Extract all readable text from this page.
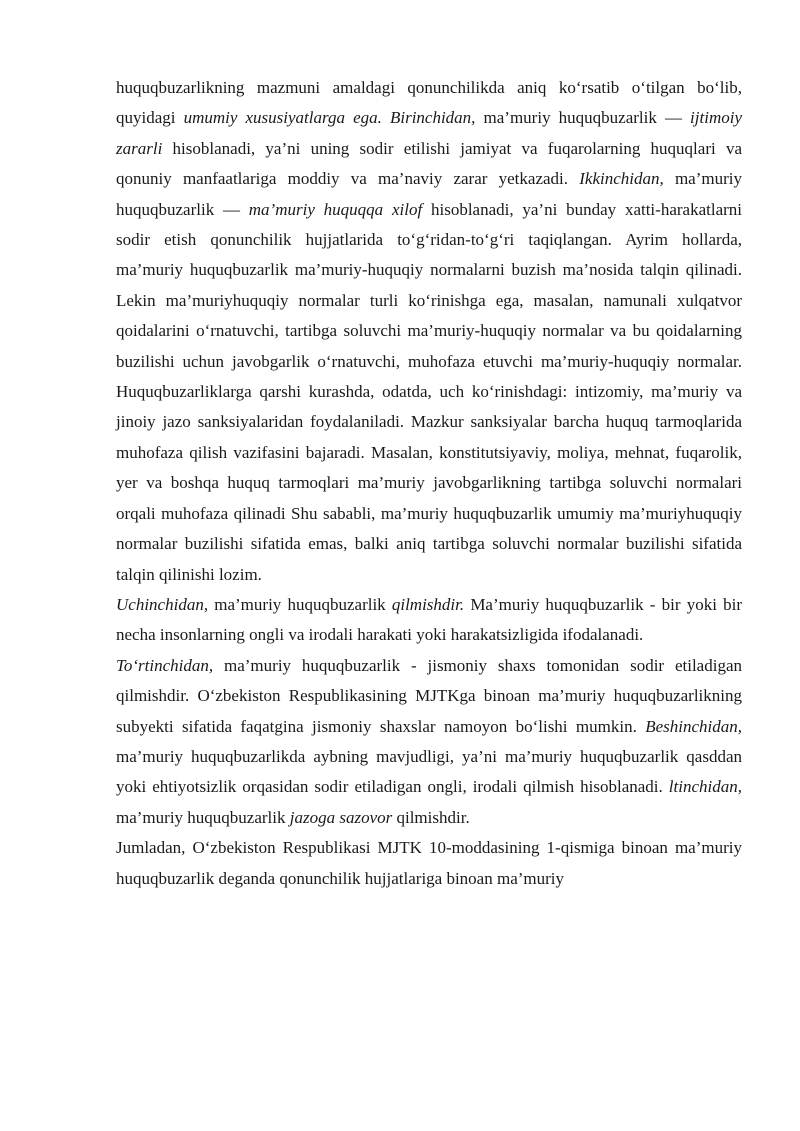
huquqbuzarlikning mazmuni amaldagi qonunchilikda aniq ko‘rsatib o‘tilgan bo‘lib, quyidagi umumiy xususiyatlarga ega. Birinchidan, ma’muriy huquqbuzarlik — ijtimoiy zararli hisoblanadi, ya’ni uning sodir etilishi jamiyat va fuqarolarning huquqlari va qonuniy manfaatlariga moddiy va ma’naviy zarar yetkazadi. Ikkinchidan, ma’muriy huquqbuzarlik — ma’muriy huquqqa xilof hisoblanadi, ya’ni bunday xatti-harakatlarni sodir etish qonunchilik hujjatlarida to‘g‘ridan-to‘g‘ri taqiqlangan. Ayrim hollarda, ma’muriy huquqbuzarlik ma’muriy-huquqiy normalarni buzish ma’nosida talqin qilinadi. Lekin ma’muriyhuquqiy normalar turli ko‘rinishga ega, masalan, namunali xulqatvor qoidalarini o‘rnatuvchi, tartibga soluvchi ma’muriy-huquqiy normalar va bu qoidalarning buzilishi uchun javobgarlik o‘rnatuvchi, muhofaza etuvchi ma’muriy-huquqiy normalar. Huquqbuzarliklarga qarshi kurashda, odatda, uch ko‘rinishdagi: intizomiy, ma’muriy va jinoiy jazo sanksiyalaridan foydalaniladi. Mazkur sanksiyalar barcha huquq tarmoqlarida muhofaza qilish vazifasini bajaradi. Masalan, konstitutsiyaviy, moliya, mehnat, fuqarolik, yer va boshqa huquq tarmoqlari ma’muriy javobgarlikning tartibga soluvchi normalari orqali muhofaza qilinadi Shu sababli, ma’muriy huquqbuzarlik umumiy ma’muriyhuquqiy normalar buzilishi sifatida emas, balki aniq tartibga soluvchi normalar buzilishi sifatida talqin qilinishi lozim.

Uchinchidan, ma’muriy huquqbuzarlik qilmishdir. Ma’muriy huquqbuzarlik - bir yoki bir necha insonlarning ongli va irodali harakati yoki harakatsizligida ifodalanadi.

To‘rtinchidan, ma’muriy huquqbuzarlik - jismoniy shaxs tomonidan sodir etiladigan qilmishdir. O‘zbekiston Respublikasining MJTKga binoan ma’muriy huquqbuzarlikning subyekti sifatida faqatgina jismoniy shaxslar namoyon bo‘lishi mumkin. Beshinchidan, ma’muriy huquqbuzarlikda aybning mavjudligi, ya’ni ma’muriy huquqbuzarlik qasddan yoki ehtiyotsizlik orqasidan sodir etiladigan ongli, irodali qilmish hisoblanadi. ltinchidan, ma’muriy huquqbuzarlik jazoga sazovor qilmishdir.

Jumladan, O‘zbekiston Respublikasi MJTK 10-moddasining 1-qismiga binoan ma’muriy huquqbuzarlik deganda qonunchilik hujjatlariga binoan ma’muriy
